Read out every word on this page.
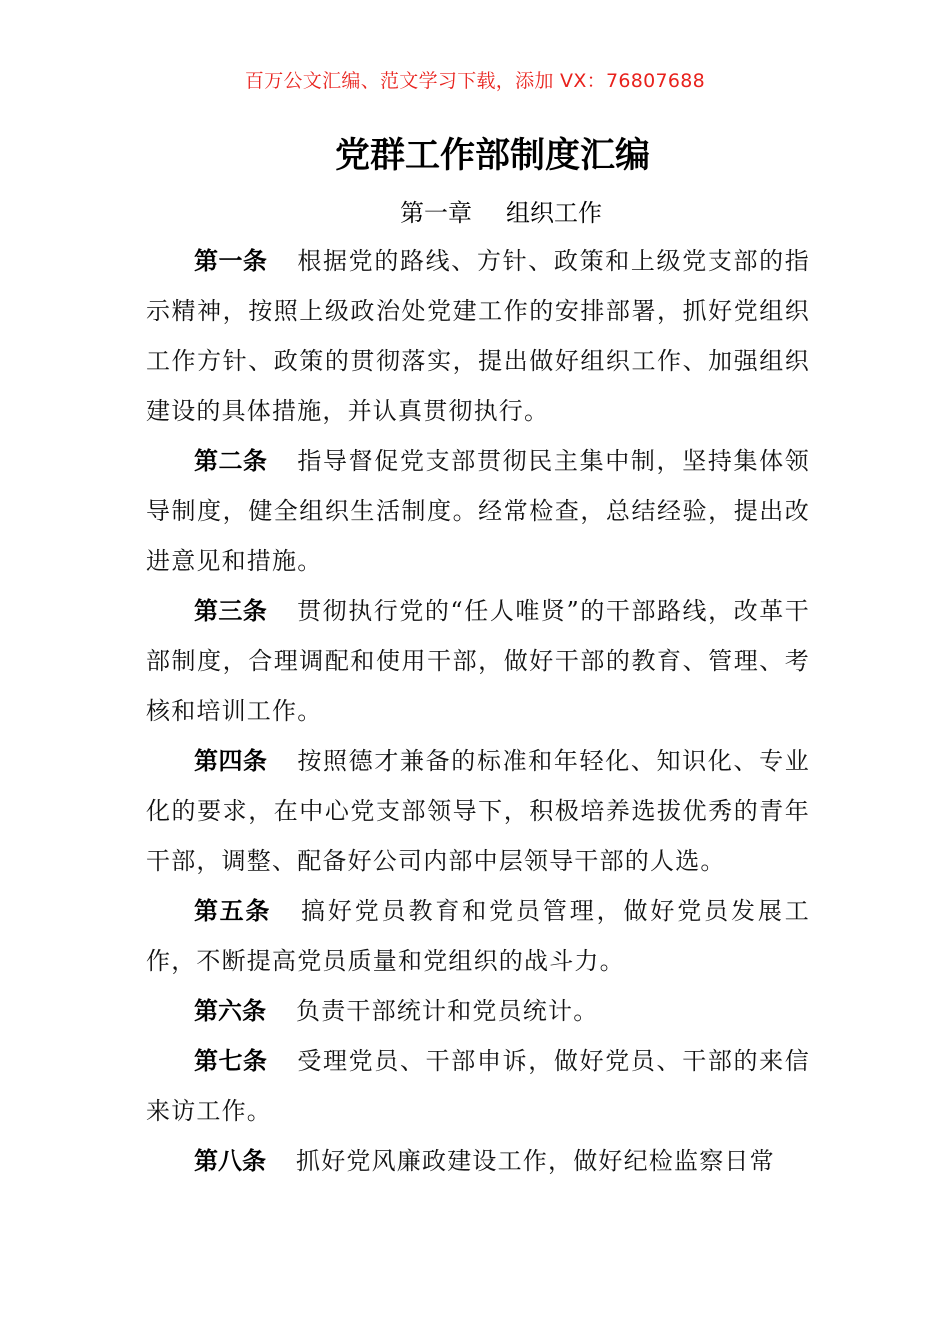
百万公文汇编、范文学习下载，添加 VX：76807688
党群工作部制度汇编
第一章 组织工作

第一条 根据党的路线、方针、政策和上级党支部的指示精神，按照上级政治处党建工作的安排部署，抓好党组织工作方针、政策的贯彻落实，提出做好组织工作、加强组织建设的具体措施，并认真贯彻执行。

第二条 指导督促党支部贯彻民主集中制，坚持集体领导制度，健全组织生活制度。经常检查，总结经验，提出改进意见和措施。

第三条 贯彻执行党的“任人唯贤”的干部路线，改革干部制度，合理调配和使用干部，做好干部的教育、管理、考核和培训工作。

第四条 按照德才兼备的标准和年轻化、知识化、专业化的要求，在中心党支部领导下，积极培养选拔优秀的青年干部，调整、配备好公司内部中层领导干部的人选。

第五条 搞好党员教育和党员管理，做好党员发展工作，不断提高党员质量和党组织的战斗力。

第六条 负责干部统计和党员统计。

第七条 受理党员、干部申诉，做好党员、干部的来信来访工作。

第八条 抓好党风廉政建设工作，做好纪检监察日常
